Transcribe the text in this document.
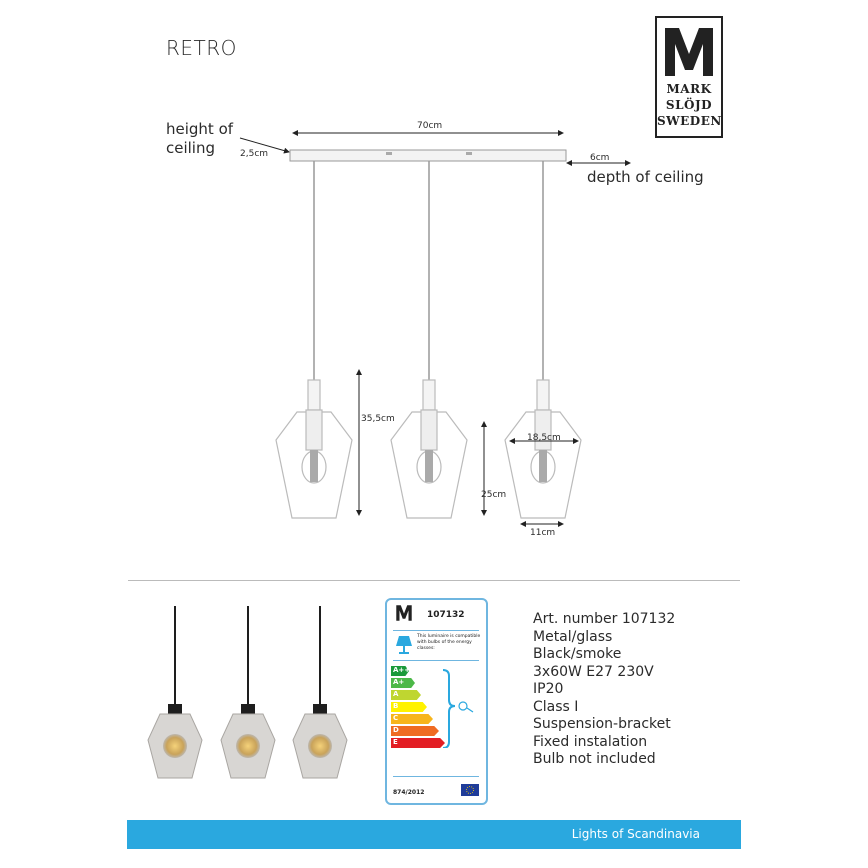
RETRO
MARK
SLÖJD
SWEDEN
height of
ceiling
depth of ceiling
70cm
2,5cm	6cm
35,5cm
25cm
18,5cm
11cm
107132
This luminaire is compatible with bulbs of the energy classes:
A++
A+
A
B
C
D
E
874/2012
Art. number 107132
Metal/glass
Black/smoke
3x60W E27 230V
IP20
Class I
Suspension-bracket
Fixed instalation
Bulb not included
Lights of Scandinavia
